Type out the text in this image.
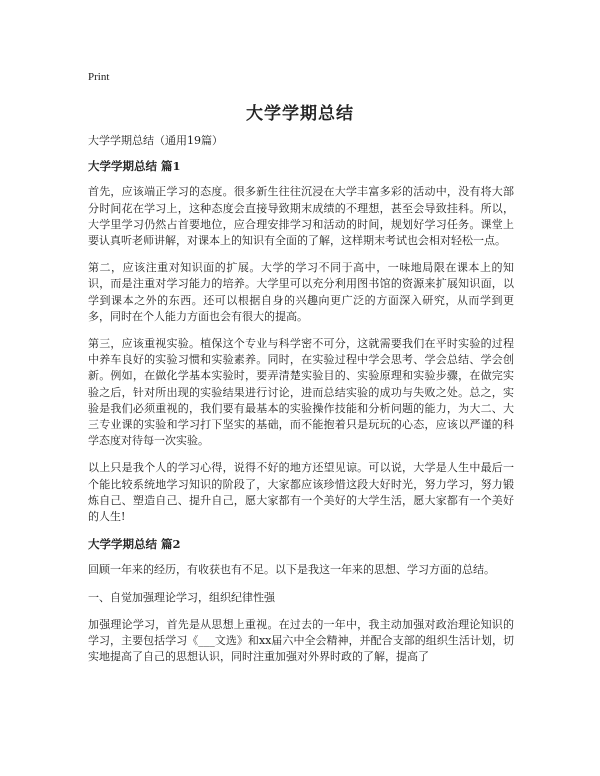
Print
大学学期总结

大学学期总结（通用19篇）

大学学期总结 篇1

首先，应该端正学习的态度。很多新生往往沉浸在大学丰富多彩的活动中，没有将大部分时间花在学习上，这种态度会直接导致期末成绩的不理想，甚至会导致挂科。所以，大学里学习仍然占首要地位，应合理安排学习和活动的时间，规划好学习任务。课堂上要认真听老师讲解，对课本上的知识有全面的了解，这样期末考试也会相对轻松一点。

第二，应该注重对知识面的扩展。大学的学习不同于高中，一味地局限在课本上的知识，而是注重对学习能力的培养。大学里可以充分利用图书馆的资源来扩展知识面，以学到课本之外的东西。还可以根据自身的兴趣向更广泛的方面深入研究，从而学到更多，同时在个人能力方面也会有很大的提高。

第三，应该重视实验。植保这个专业与科学密不可分，这就需要我们在平时实验的过程中养车良好的实验习惯和实验素养。同时，在实验过程中学会思考、学会总结、学会创新。例如，在做化学基本实验时，要弄清楚实验目的、实验原理和实验步骤，在做完实验之后，针对所出现的实验结果进行讨论，进而总结实验的成功与失败之处。总之，实验是我们必须重视的，我们要有最基本的实验操作技能和分析问题的能力，为大二、大三专业课的实验和学习打下坚实的基础，而不能抱着只是玩玩的心态，应该以严谨的科学态度对待每一次实验。

以上只是我个人的学习心得，说得不好的地方还望见谅。可以说，大学是人生中最后一个能比较系统地学习知识的阶段了，大家都应该珍惜这段大好时光，努力学习，努力锻炼自己、塑造自己、提升自己，愿大家都有一个美好的大学生活，愿大家都有一个美好的人生!

大学学期总结 篇2

回顾一年来的经历，有收获也有不足。以下是我这一年来的思想、学习方面的总结。

一、自觉加强理论学习，组织纪律性强

加强理论学习，首先是从思想上重视。在过去的一年中，我主动加强对政治理论知识的学习，主要包括学习《___文选》和xx届六中全会精神，并配合支部的组织生活计划，切实地提高了自己的思想认识，同时注重加强对外界时政的了解，提高了
